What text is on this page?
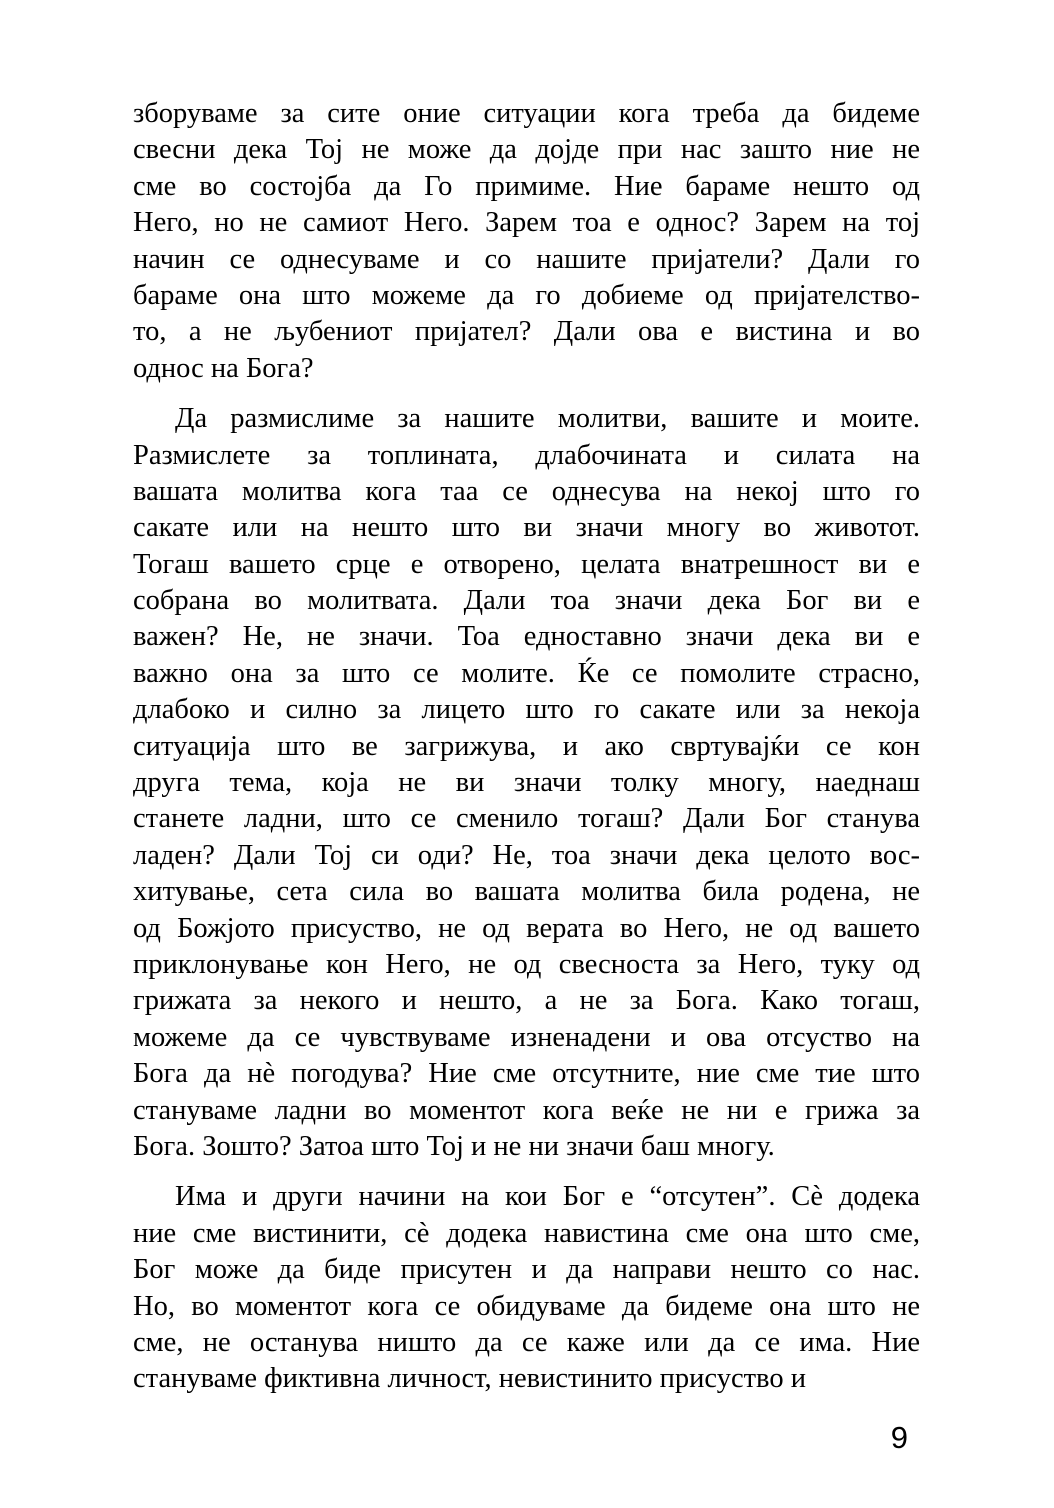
зборуваме за сите оние ситуации кога треба да бидеме
свесни дека Тој не може да дојде при нас зашто ние не
сме во состојба да Го примиме. Ние бараме нешто од
Него, но не самиот Него. Зарем тоа е однос? Зарем на тој
начин се однесуваме и со нашите пријатели? Дали го
бараме она што можеме да го добиеме од пријателство-
то, а не љубениот пријател? Дали ова е вистина и во
однос на Бога?
Да размислиме за нашите молитви, вашите и моите.
Размислете за топлината, длабочината и силата на
вашата молитва кога таа се однесува на некој што го
сакате или на нешто што ви значи многу во животот.
Тогаш вашето срце е отворено, целата внатрешност ви е
собрана во молитвата. Дали тоа значи дека Бог ви е
важен? Не, не значи. Тоа едноставно значи дека ви е
важно она за што се молите. Ќе се помолите страсно,
длабоко и силно за лицето што го сакате или за некоја
ситуација што ве загрижува, и ако свртувајќи се кон
друга тема, која не ви значи толку многу, наеднаш
станете ладни, што се сменило тогаш? Дали Бог станува
ладен? Дали Тој си оди? Не, тоа значи дека целото вос-
хитување, сета сила во вашата молитва била родена, не
од Божјото присуство, не од верата во Него, не од вашето
приклонување кон Него, не од свесноста за Него, туку од
грижата за некого и нешто, а не за Бога. Како тогаш,
можеме да се чувствуваме изненадени и ова отсуство на
Бога да нѐ погодува? Ние сме отсутните, ние сме тие што
стануваме ладни во моментот кога веќе не ни е грижа за
Бога. Зошто? Затоа што Тој и не ни значи баш многу.
Има и други начини на кои Бог е “отсутен”. Сѐ додека
ние сме вистинити, сѐ додека навистина сме она што сме,
Бог може да биде присутен и да направи нешто со нас.
Но, во моментот кога се обидуваме да бидеме она што не
сме, не останува ништо да се каже или да се има. Ние
стануваме фиктивна личност, невистинито присуство и
9
